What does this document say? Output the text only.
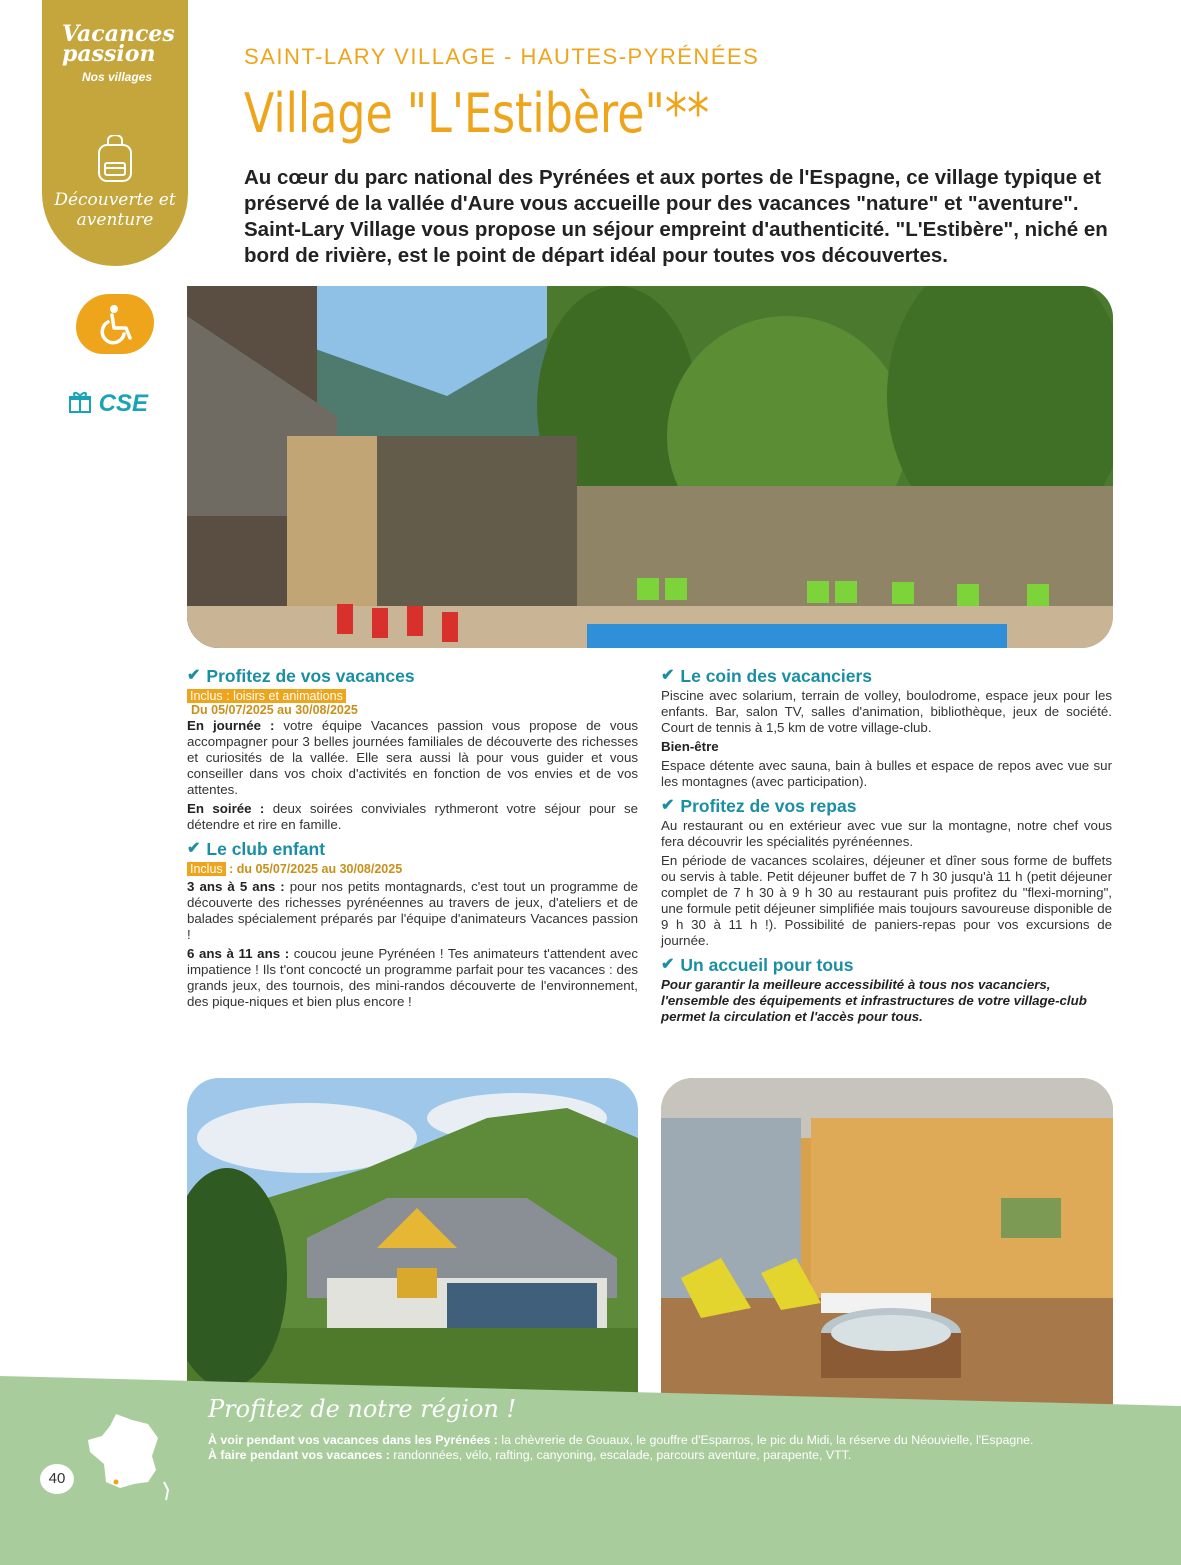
Vacances
passion
Nos villages
Découverte et aventure
CSE
SAINT-LARY VILLAGE - HAUTES-PYRÉNÉES
Village "L'Estibère"**
Au cœur du parc national des Pyrénées et aux portes de l'Espagne, ce village typique et préservé de la vallée d'Aure vous accueille pour des vacances "nature" et "aventure". Saint-Lary Village vous propose un séjour empreint d'authenticité. "L'Estibère", niché en bord de rivière, est le point de départ idéal pour toutes vos découvertes.
✔ Profitez de vos vacances
Inclus : loisirs et animations
Du 05/07/2025 au 30/08/2025

En journée : votre équipe Vacances passion vous propose de vous accompagner pour 3 belles journées familiales de découverte des richesses et curiosités de la vallée. Elle sera aussi là pour vous guider et vous conseiller dans vos choix d'activités en fonction de vos envies et de vos attentes.

En soirée : deux soirées conviviales rythmeront votre séjour pour se détendre et rire en famille.

✔ Le club enfant
Inclus : du 05/07/2025 au 30/08/2025

3 ans à 5 ans : pour nos petits montagnards, c'est tout un programme de découverte des richesses pyrénéennes au travers de jeux, d'ateliers et de balades spécialement préparés par l'équipe d'animateurs Vacances passion !

6 ans à 11 ans : coucou jeune Pyrénéen ! Tes animateurs t'attendent avec impatience ! Ils t'ont concocté un programme parfait pour tes vacances : des grands jeux, des tournois, des mini-randos découverte de l'environnement, des pique-niques et bien plus encore !

✔ Le coin des vacanciers

Piscine avec solarium, terrain de volley, boulodrome, espace jeux pour les enfants. Bar, salon TV, salles d'animation, bibliothèque, jeux de société. Court de tennis à 1,5 km de votre village-club.

Bien-être

Espace détente avec sauna, bain à bulles et espace de repos avec vue sur les montagnes (avec participation).

✔ Profitez de vos repas

Au restaurant ou en extérieur avec vue sur la montagne, notre chef vous fera découvrir les spécialités pyrénéennes.

En période de vacances scolaires, déjeuner et dîner sous forme de buffets ou servis à table. Petit déjeuner buffet de 7 h 30 jusqu'à 11 h (petit déjeuner complet de 7 h 30 à 9 h 30 au restaurant puis profitez du "flexi-morning", une formule petit déjeuner simplifiée mais toujours savoureuse disponible de 9 h 30 à 11 h !). Possibilité de paniers-repas pour vos excursions de journée.

✔ Un accueil pour tous

Pour garantir la meilleure accessibilité à tous nos vacanciers, l'ensemble des équipements et infrastructures de votre village-club permet la circulation et l'accès pour tous.

Profitez de notre région !
À voir pendant vos vacances dans les Pyrénées : la chèvrerie de Gouaux, le gouffre d'Esparros, le pic du Midi, la réserve du Néouvielle, l'Espagne.
À faire pendant vos vacances : randonnées, vélo, rafting, canyoning, escalade, parcours aventure, parapente, VTT.
40
